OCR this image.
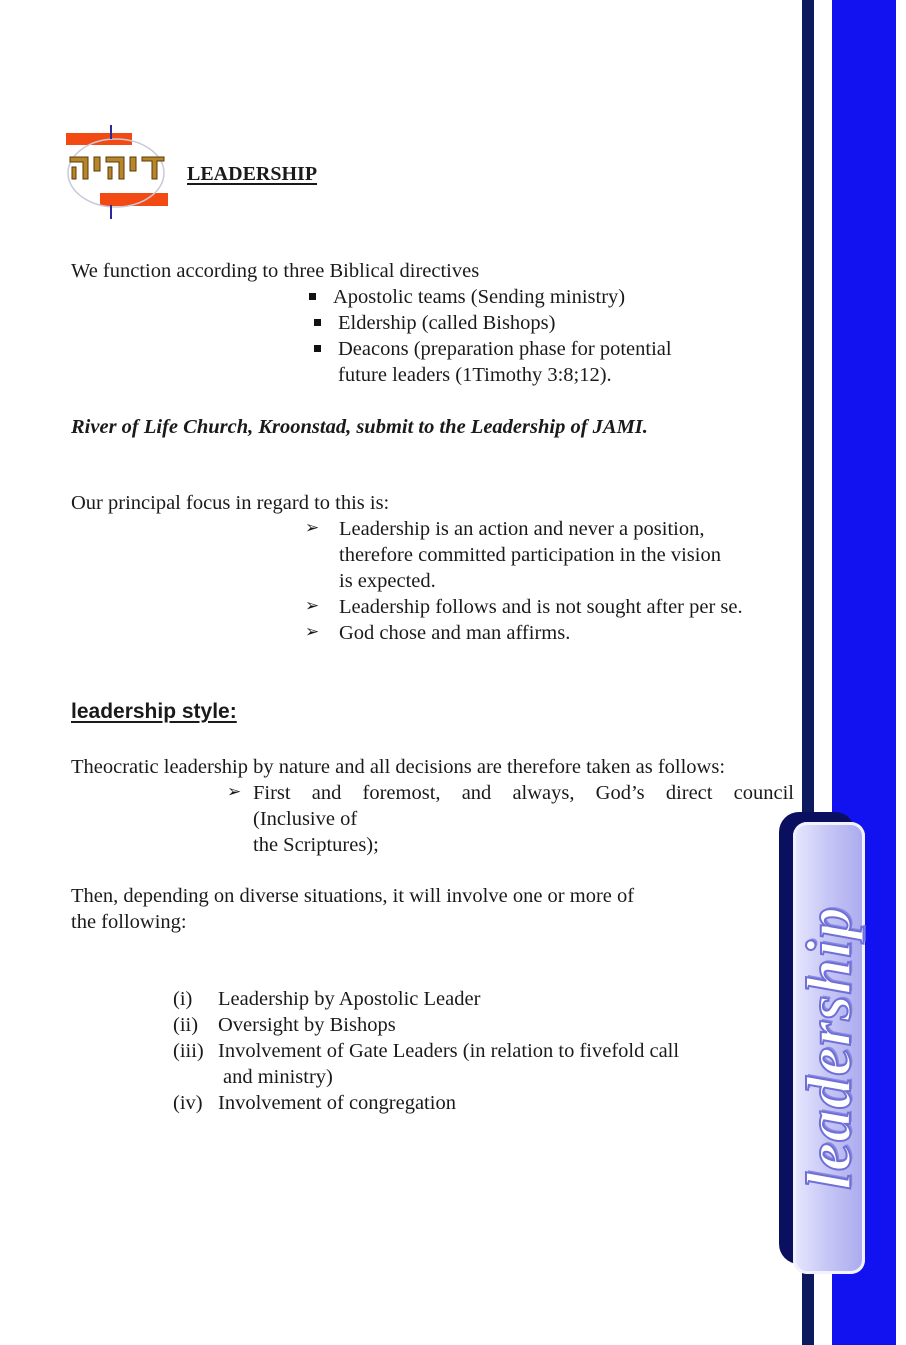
LEADERSHIP
We function according to three Biblical directives
Apostolic teams (Sending ministry)
Eldership (called Bishops)
Deacons (preparation phase for potential
future leaders (1Timothy 3:8;12).
River of Life Church, Kroonstad, submit to the Leadership of JAMI.
Our principal focus in regard to this is:
➢ Leadership is an action and never a position,
therefore committed participation in the vision
is expected.
➢ Leadership follows and is not sought after per se.
➢ God chose and man affirms.
leadership style:
Theocratic leadership by nature and all decisions are therefore taken as follows:
➢ First and foremost, and always, God’s direct council
(Inclusive of
the Scriptures);
Then, depending on diverse situations, it will involve one or more of
the following:
(i) Leadership by Apostolic Leader
(ii) Oversight by Bishops
(iii) Involvement of Gate Leaders (in relation to fivefold call
and ministry)
(iv) Involvement of congregation	leadership
